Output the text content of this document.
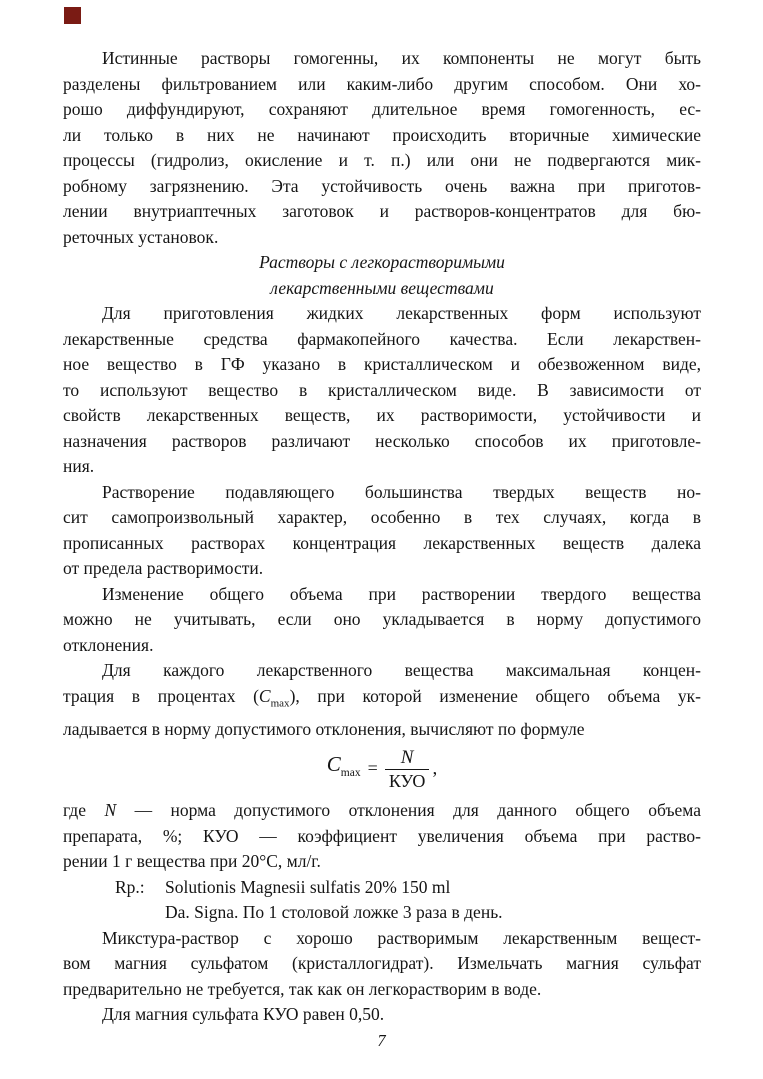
Истинные растворы гомогенны, их компоненты не могут быть
разделены фильтрованием или каким-либо другим способом. Они хо-
рошо диффундируют, сохраняют длительное время гомогенность, ес-
ли только в них не начинают происходить вторичные химические
процессы (гидролиз, окисление и т. п.) или они не подвергаются мик-
робному загрязнению. Эта устойчивость очень важна при приготов-
лении внутриаптечных заготовок и растворов-концентратов для бю-
реточных установок.
Растворы с легкорастворимыми
лекарственными веществами
Для приготовления жидких лекарственных форм используют
лекарственные средства фармакопейного качества. Если лекарствен-
ное вещество в ГФ указано в кристаллическом и обезвоженном виде,
то используют вещество в кристаллическом виде. В зависимости от
свойств лекарственных веществ, их растворимости, устойчивости и
назначения растворов различают несколько способов их приготовле-
ния.
Растворение подавляющего большинства твердых веществ но-
сит самопроизвольный характер, особенно в тех случаях, когда в
прописанных растворах концентрация лекарственных веществ далека
от предела растворимости.
Изменение общего объема при растворении твердого вещества
можно не учитывать, если оно укладывается в норму допустимого
отклонения.
Для каждого лекарственного вещества максимальная концен-
трация в процентах $(C_{max})$, при которой изменение общего объема ук-
ладывается в норму допустимого отклонения, вычисляют по формуле
$C_{max} = \frac{N}{\text{КУО}}$ ,
где N — норма допустимого отклонения для данного общего объема
препарата, %; КУО — коэффициент увеличения объема при раство-
рении 1 г вещества при 20°С, мл/г.
Rp.: Solutionis Magnesii sulfatis 20% 150 ml
Da. Signa. По 1 столовой ложке 3 раза в день.
Микстура-раствор с хорошо растворимым лекарственным вещест-
вом магния сульфатом (кристаллогидрат). Измельчать магния сульфат
предварительно не требуется, так как он легкорастворим в воде.
Для магния сульфата КУО равен 0,50.
7
